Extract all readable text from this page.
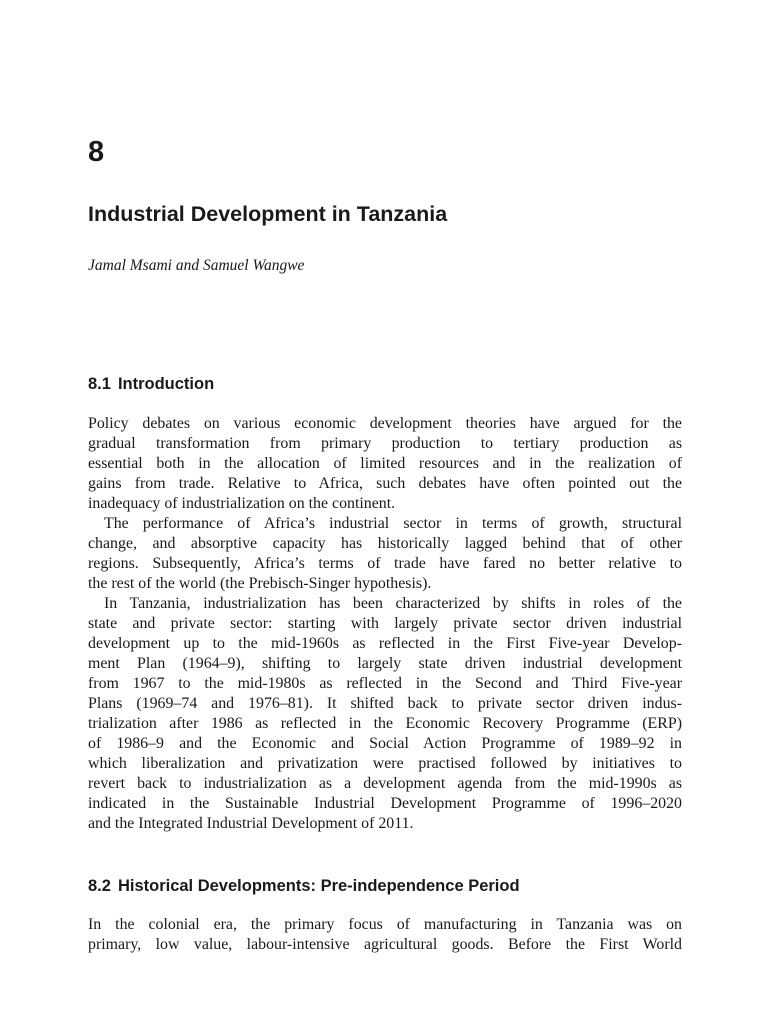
8
Industrial Development in Tanzania
Jamal Msami and Samuel Wangwe
8.1 Introduction

Policy debates on various economic development theories have argued for the
gradual transformation from primary production to tertiary production as
essential both in the allocation of limited resources and in the realization of
gains from trade. Relative to Africa, such debates have often pointed out the
inadequacy of industrialization on the continent.

The performance of Africa’s industrial sector in terms of growth, structural
change, and absorptive capacity has historically lagged behind that of other
regions. Subsequently, Africa’s terms of trade have fared no better relative to
the rest of the world (the Prebisch-Singer hypothesis).

In Tanzania, industrialization has been characterized by shifts in roles of the
state and private sector: starting with largely private sector driven industrial
development up to the mid-1960s as reflected in the First Five-year Develop-
ment Plan (1964–9), shifting to largely state driven industrial development
from 1967 to the mid-1980s as reflected in the Second and Third Five-year
Plans (1969–74 and 1976–81). It shifted back to private sector driven indus-
trialization after 1986 as reflected in the Economic Recovery Programme (ERP)
of 1986–9 and the Economic and Social Action Programme of 1989–92 in
which liberalization and privatization were practised followed by initiatives to
revert back to industrialization as a development agenda from the mid-1990s as
indicated in the Sustainable Industrial Development Programme of 1996–2020
and the Integrated Industrial Development of 2011.

8.2 Historical Developments: Pre-independence Period

In the colonial era, the primary focus of manufacturing in Tanzania was on
primary, low value, labour-intensive agricultural goods. Before the First World
